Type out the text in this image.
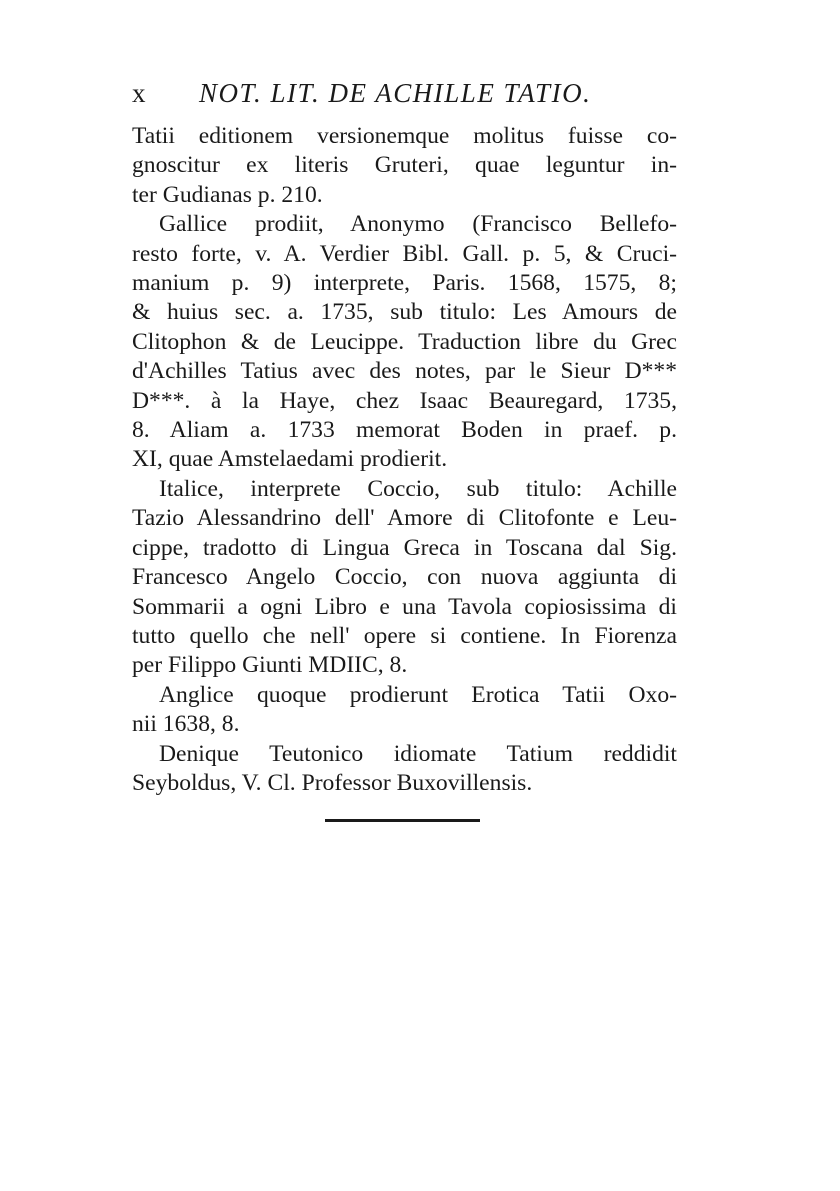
x NOT. LIT. DE ACHILLE TATIO.
Tatii editionem versionemque molitus fuisse co-
gnoscitur ex literis Gruteri, quae leguntur in-
ter Gudianas p. 210.
Gallice prodiit, Anonymo (Francisco Bellefo-
resto forte, v. A. Verdier Bibl. Gall. p. 5, & Cruci-
manium p. 9) interprete, Paris. 1568, 1575, 8;
& huius sec. a. 1735, sub titulo: Les Amours de
Clitophon & de Leucippe. Traduction libre du Grec
d'Achilles Tatius avec des notes, par le Sieur D***
D***. à la Haye, chez Isaac Beauregard, 1735,
8. Aliam a. 1733 memorat Boden in praef. p.
XI, quae Amstelaedami prodierit.
Italice, interprete Coccio, sub titulo: Achille
Tazio Alessandrino dell' Amore di Clitofonte e Leu-
cippe, tradotto di Lingua Greca in Toscana dal Sig.
Francesco Angelo Coccio, con nuova aggiunta di
Sommarii a ogni Libro e una Tavola copiosissima di
tutto quello che nell' opere si contiene. In Fiorenza
per Filippo Giunti MDIIC, 8.
Anglice quoque prodierunt Erotica Tatii Oxo-
nii 1638, 8.
Denique Teutonico idiomate Tatium reddidit
Seyboldus, V. Cl. Professor Buxovillensis.
